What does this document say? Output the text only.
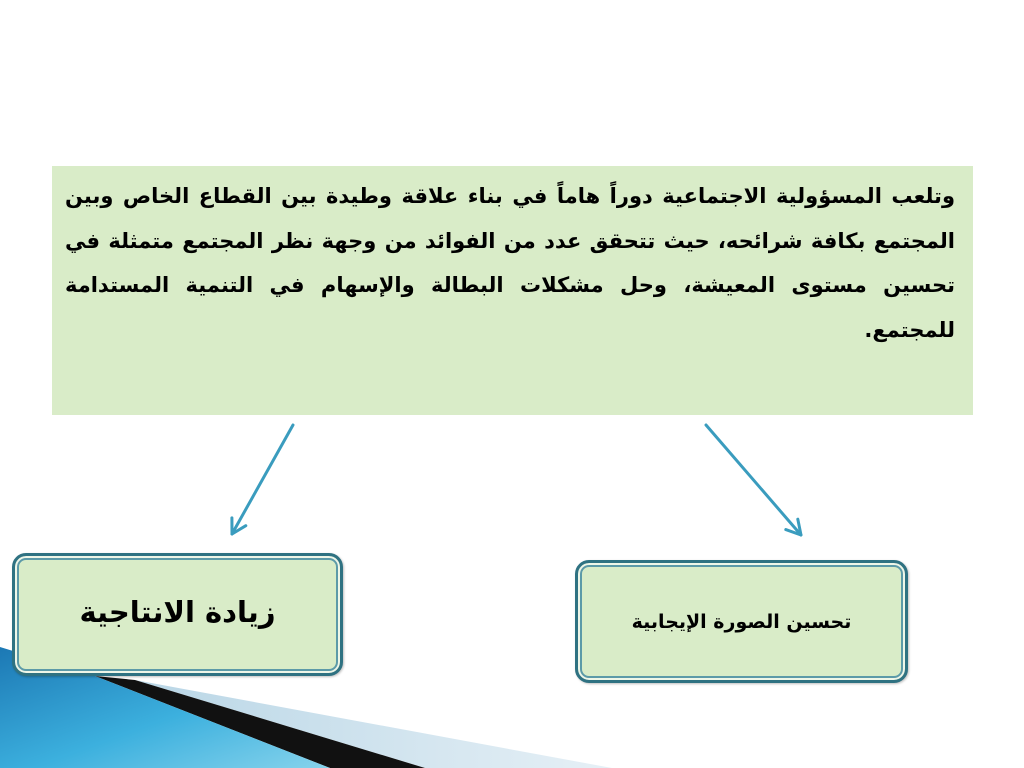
وتلعب المسؤولية الاجتماعية دوراً هاماً في بناء علاقة وطيدة بين القطاع الخاص وبين المجتمع بكافة شرائحه، حيث تتحقق عدد من الفوائد من وجهة نظر المجتمع متمثلة في تحسين مستوى المعيشة، وحل مشكلات البطالة والإسهام في التنمية المستدامة للمجتمع.

زيادة الانتاجية	تحسين الصورة الإيجابية
